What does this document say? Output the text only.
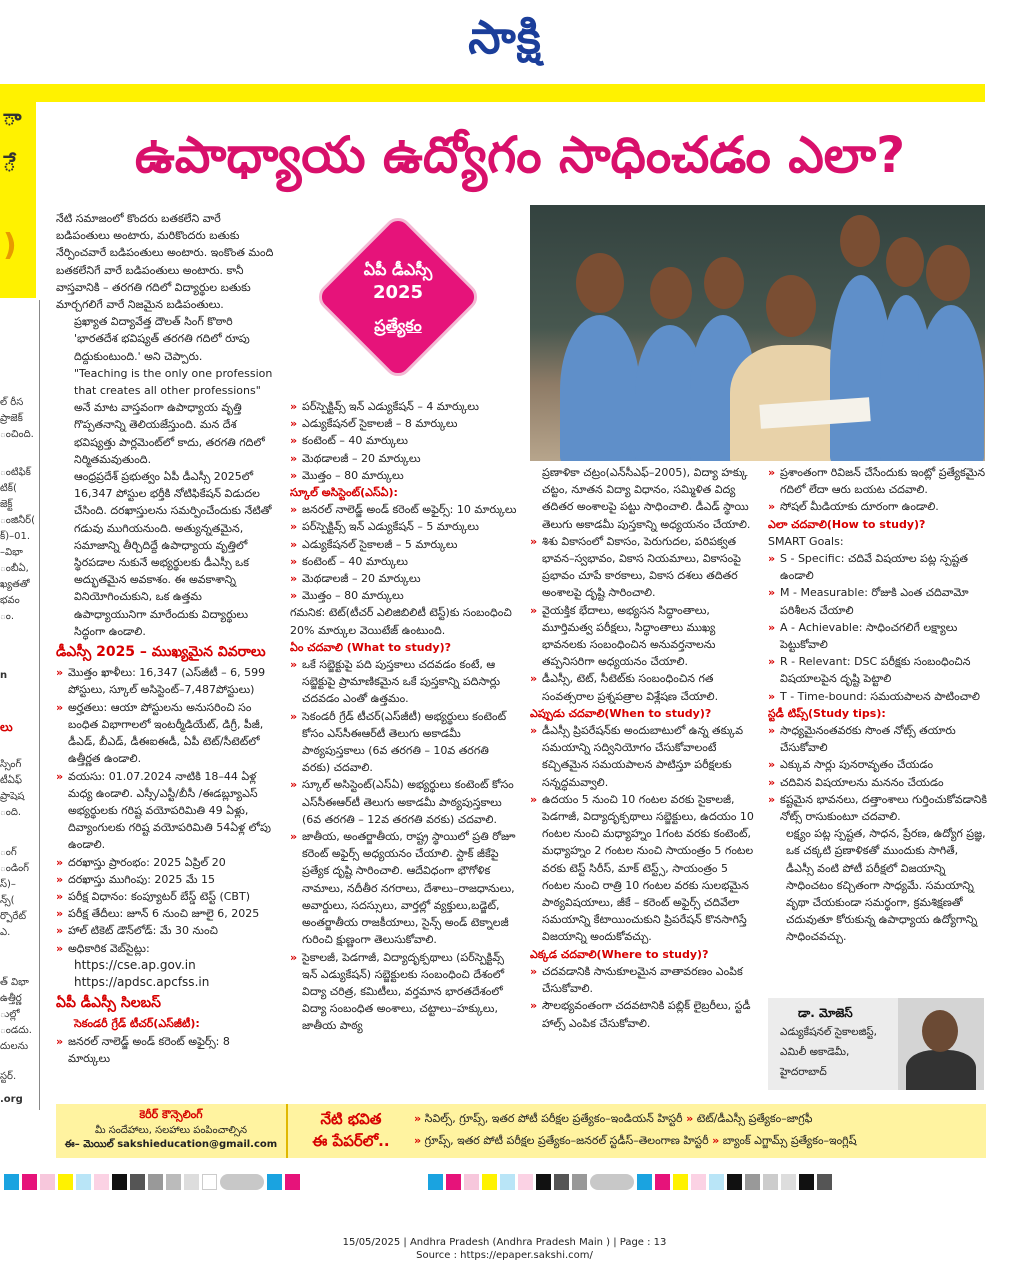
సాక్షి
ా
ే
)
ల్ రీస
ప్రాజెక్
ంచింది.
ంటిఫిక్
టిక్(
జెక్ట్
ంజినీర్(
క్)–01.
–విభా
ంబీఏ,
ఖ్యతతో
భవం
ం.
n
లు
స్సింగ్
టీఏఫ్
ప్రాషెష
ంది.
ంగ్
ండింగ్
స్)–
న్స్(
ర్పొరేట్
ఎ.
త్ విభా
ఉత్తీర్ణ
ుల్లో
ండదు.
దులను
స్టర్.
.org
ఉపాధ్యాయ ఉద్యోగం సాధించడం ఎలా?
ఏపీ డీఎస్సీ
2025
ప్రత్యేకం

నేటి సమాజంలో కొందరు బతకలేని వారే బడిపంతులు అంటారు, మరికొందరు బతుకు నేర్పించవారే బడిపంతులు అంటారు. ఇంకొంత మంది బతకలేనిగే వారే బడిపంతులు అంటారు. కానీ వాస్తవానికి – తరగతి గదిలో విద్యార్థుల బతుకు మార్చగలిగే వారే నిజమైన బడిపంతులు.

ప్రఖ్యాత విద్యావేత్త దౌలత్ సింగ్ కొఠారి 'భారతదేశ భవిష్యత్ తరగతి గదిలో రూపు దిద్దుకుంటుంది.' అని చెప్పారు.

"Teaching is the only one profession that creates all other professions" అనే మాట వాస్తవంగా ఉపాధ్యాయ వృత్తి గొప్పతనాన్ని తెలియజేస్తుంది. మన దేశ భవిష్యత్తు పార్లమెంట్‌లో కాదు, తరగతి గదిలో నిర్మితమవుతుంది.

ఆంధ్రప్రదేశ్ ప్రభుత్వం ఏపీ డీఎస్సీ 2025లో 16,347 పోస్టుల భర్తీకి నోటిఫికేషన్ విడుదల చేసింది. దరఖాస్తులను సమర్పించేందుకు నేటితో గడువు ముగియనుంది. అత్యున్నతమైన, సమాజాన్ని తీర్చిదిద్దే ఉపాధ్యాయ వృత్తిలో స్థిరపడాల నుకునే అభ్యర్థులకు డీఎస్సీ ఒక అద్భుతమైన అవకాశం. ఈ అవకాశాన్ని వినియోగించుకుని, ఒక ఉత్తమ ఉపాధ్యాయునిగా మారేందుకు విద్యార్థులు సిద్ధంగా ఉండాలి.

డీఎస్సీ 2025 – ముఖ్యమైన వివరాలు
» మొత్తం ఖాళీలు: 16,347 (ఎస్‌జీటీ – 6, 599 పోస్టులు, స్కూల్ అసిస్టెంట్–7,487పోస్టులు)
» అర్హతలు: ఆయా పోస్టులను అనుసరించి సం బంధిత విభాగాలలో ఇంటర్మీడియేట్, డిగ్రీ, పీజీ, డీఎడ్, బీఎడ్, డీఈఐఈడీ, ఏపీ టెట్/సీటెట్‌లో ఉత్తీర్ణత ఉండాలి.
» వయసు: 01.07.2024 నాటికి 18–44 ఏళ్ల మధ్య ఉండాలి. ఎస్సీ/ఎస్టీ/బీసీ /ఈడబ్ల్యూఎస్ అభ్యర్థులకు గరిష్ట వయోపరిమితి 49 ఏళ్లు, దివ్యాంగులకు గరిష్ట వయోపరిమితి 54ఏళ్ల లోపు ఉండాలి.
» దరఖాస్తు ప్రారంభం: 2025 ఏప్రిల్ 20
» దరఖాస్తు ముగింపు: 2025 మే 15
» పరీక్ష విధానం: కంప్యూటర్ బేస్డ్ టెస్ట్ (CBT)
» పరీక్ష తేదీలు: జూన్ 6 నుంచి జూలై 6, 2025
» హాల్ టికెట్ డౌన్‌లోడ్: మే 30 నుంచి
» అధికారిక వెబ్‌సైట్లు:
https://cse.ap.gov.in
https://apdsc.apcfss.in
ఏపీ డీఎస్సీ సిలబస్
సెకండరీ గ్రేడ్ టీచర్(ఎస్‌జీటీ):
» జనరల్ నాలెడ్జ్ అండ్ కరెంట్ అఫైర్స్: 8 మార్కులు
» పర్‌స్పెక్టివ్స్ ఇన్ ఎడ్యుకేషన్ – 4 మార్కులు
» ఎడ్యుకేషనల్ సైకాలజీ – 8 మార్కులు
» కంటెంట్ – 40 మార్కులు
» మెథడాలజీ – 20 మార్కులు
» మొత్తం – 80 మార్కులు
స్కూల్ అసిస్టెంట్(ఎస్ఏ):
» జనరల్ నాలెడ్జ్ అండ్ కరెంట్ అఫైర్స్: 10 మార్కులు
» పర్‌స్పెక్టివ్స్ ఇన్ ఎడ్యుకేషన్ – 5 మార్కులు
» ఎడ్యుకేషనల్ సైకాలజీ – 5 మార్కులు
» కంటెంట్ – 40 మార్కులు
» మెథడాలజీ – 20 మార్కులు
» మొత్తం – 80 మార్కులు

గమనిక: టెట్(టీచర్ ఎలిజిబిలిటీ టెస్ట్)కు సంబంధించి 20% మార్కుల వెయిటేజ్ ఉంటుంది.

ఏం చదవాలి (What to study)?
» ఒకే సబ్జెక్టుపై పది పుస్తకాలు చదవడం కంటే, ఆ సబ్జెక్టుపై ప్రామాణికమైన ఒకే పుస్తకాన్ని పదిసార్లు చదవడం ఎంతో ఉత్తమం.
» సెకండరీ గ్రేడ్ టీచర్(ఎస్‌జీటీ) అభ్యర్థులు కంటెంట్ కోసం ఎస్‌సీఈఆర్‌టీ తెలుగు అకాడమీ పాఠ్యపుస్తకాలు (6వ తరగతి – 10వ తరగతి వరకు) చదవాలి.
» స్కూల్ అసిస్టెంట్(ఎస్ఏ) అభ్యర్థులు కంటెంట్ కోసం ఎస్‌సీఈఆర్‌టీ తెలుగు అకాడమీ పాఠ్యపుస్తకాలు (6వ తరగతి – 12వ తరగతి వరకు) చదవాలి.
» జాతీయ, అంతర్జాతీయ, రాష్ట్ర స్థాయిలో ప్రతి రోజూ కరెంట్ అఫైర్స్ అధ్యయనం చేయాలి. స్టాక్ జీకేపై ప్రత్యేక దృష్టి సారించాలి. ఆదేవిధంగా భౌగోళిక నామాలు, నదీతీర నగరాలు, దేశాలు–రాజధానులు, అవార్డులు, సదస్సులు, వార్తల్లో వ్యక్తులు,బడ్జెట్, అంతర్జాతీయ రాజకీయాలు, సైన్స్ అండ్ టెక్నాలజీ గురించి క్షుణ్ణంగా తెలుసుకోవాలి.
» సైకాలజీ, పెడగాజీ, విద్యాదృక్పథాలు (పర్‌స్పెక్టివ్స్ ఇన్ ఎడ్యుకేషన్) సబ్జెక్టులకు సంబంధించి దేశంలో విద్యా చరిత్ర, కమిటీలు, వర్తమాన భారతదేశంలో విద్యా సంబంధిత అంశాలు, చట్టాలు–హక్కులు, జాతీయ పాఠ్య
ప్రణాళికా చట్రం(ఎన్‌సీఎఫ్–2005), విద్యా హక్కు చట్టం, నూతన విద్యా విధానం, సమ్మిళిత విద్య తదితర అంశాలపై పట్టు సాధించాలి. డీఎడ్ స్థాయి తెలుగు అకాడమీ పుస్తకాన్ని అధ్యయనం చేయాలి.
» శిశు వికాసంలో వికాసం, పెరుగుదల, పరిపక్వత భావన–స్వభావం, వికాస నియమాలు, వికాసంపై ప్రభావం చూపే కారకాలు, వికాస దశలు తదితర అంశాలపై దృష్టి సారించాలి.
» వైయక్తిక భేదాలు, అభ్యసన సిద్ధాంతాలు, మూర్తిమత్వ పరీక్షలు, సిద్ధాంతాలు ముఖ్య భావనలకు సంబంధించిన అనువర్తనాలను తప్పనిసరిగా అధ్యయనం చేయాలి.
» డీఎస్సీ, టెట్, సీటెట్‌కు సంబంధించిన గత సంవత్సరాల ప్రశ్నపత్రాల విశ్లేషణ చేయాలి.
ఎప్పుడు చదవాలి(When to study)?
» డీఎస్సీ ప్రిపరేషన్‌కు అందుబాటులో ఉన్న తక్కువ సమయాన్ని సద్వినియోగం చేసుకోవాలంటే కచ్చితమైన సమయపాలన పాటిస్తూ పరీక్షలకు సన్నద్ధమవ్వాలి.
» ఉదయం 5 నుంచి 10 గంటల వరకు సైకాలజీ, పెడగాజీ, విద్యాదృక్పథాలు సబ్జెక్టులు, ఉదయం 10 గంటల నుంచి మధ్యాహ్నం 1గంట వరకు కంటెంట్, మధ్యాహ్నం 2 గంటల నుంచి సాయంత్రం 5 గంటల వరకు టెస్ట్ సిరీస్, మాక్ టెస్ట్స్, సాయంత్రం 5 గంటల నుంచి రాత్రి 10 గంటల వరకు సులభమైన పాఠ్యవిషయాలు, జీకే – కరెంట్ అఫైర్స్ చదివేలా సమయాన్ని కేటాయించుకుని ప్రిపరేషన్ కొనసాగిస్తే విజయాన్ని అందుకోవచ్చు.
ఎక్కడ చదవాలి(Where to study)?
» చదవడానికి సానుకూలమైన వాతావరణం ఎంపిక చేసుకోవాలి.
» సౌలభ్యవంతంగా చదవటానికి పబ్లిక్ లైబ్రరీలు, స్టడీ హాల్స్ ఎంపిక చేసుకోవాలి.
» ప్రశాంతంగా రివిజన్ చేసేందుకు ఇంట్లో ప్రత్యేకమైన గదిలో లేదా ఆరు బయట చదవాలి.
» సోషల్ మీడియాకు దూరంగా ఉండాలి.
ఎలా చదవాలి(How to study)?
SMART Goals:
» S - Specific: చదివే విషయాల పట్ల స్పష్టత ఉండాలి
» M - Measurable: రోజుకి ఎంత చదివామో పరిశీలన చేయాలి
» A - Achievable: సాధించగలిగే లక్ష్యాలు పెట్టుకోవాలి
» R - Relevant: DSC పరీక్షకు సంబంధించిన విషయాలపైన దృష్టి పెట్టాలి
» T - Time-bound: సమయపాలన పాటించాలి
స్టడీ టిప్స్(Study tips):
» సాధ్యమైనంతవరకు సొంత నోట్స్ తయారు చేసుకోవాలి
» ఎక్కువ సార్లు పునరావృతం చేయడం
» చదివిన విషయాలను మననం చేయడం
» కష్టమైన భావనలు, దత్తాంశాలు గుర్తించుకోవడానికి నోట్స్ రాసుకుంటూ చదవాలి.

లక్ష్యం పట్ల స్పష్టత, సాధన, ప్రేరణ, ఉద్యోగ ప్రజ్ఞ, ఒక చక్కటి ప్రణాళికతో ముందుకు సాగితే, డీఎస్సీ వంటి పోటీ పరీక్షలో విజయాన్ని సాధించటం కచ్చితంగా సాధ్యమే. సమయాన్ని వృథా చేయకుండా సమర్థంగా, క్రమశిక్షణతో చదువుతూ కోరుకున్న ఉపాధ్యాయ ఉద్యోగాన్ని సాధించవచ్చు.

డా. మోజెస్
ఎడ్యుకేషనల్ సైకాలజిస్ట్,
ఎమిలీ అకాడెమీ,
హైదరాబాద్
కెరీర్ కౌన్సెలింగ్
మీ సందేహాలు, సలహాలు పంపించాల్సిన
ఈ– మెయిల్ sakshieducation@gmail.com
నేటి భవిత
ఈ పేపర్‌లో..
» సివిల్స్, గ్రూప్స్, ఇతర పోటీ పరీక్షల ప్రత్యేకం–ఇండియన్ హిస్టరీ » టెట్/డీఎస్సీ ప్రత్యేకం–జాగ్రఫీ
» గ్రూప్స్, ఇతర పోటీ పరీక్షల ప్రత్యేకం–జనరల్ స్టడీస్–తెలంగాణ హిస్టరీ » బ్యాంక్ ఎగ్జామ్స్ ప్రత్యేకం–ఇంగ్లిష్
15/05/2025 | Andhra Pradesh (Andhra Pradesh Main ) | Page : 13
Source : https://epaper.sakshi.com/
